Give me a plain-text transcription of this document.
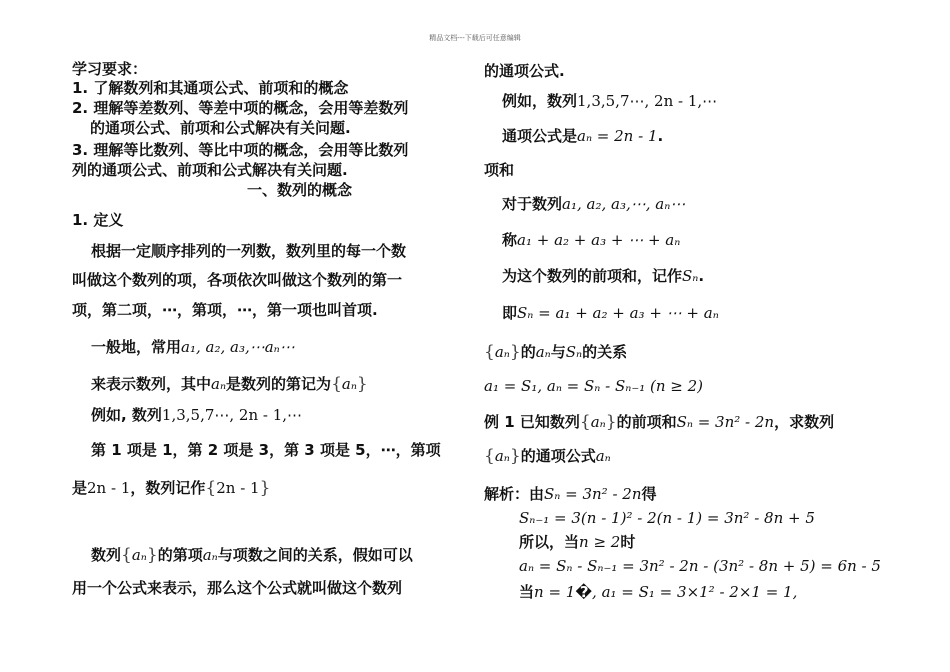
精品文档---下载后可任意编辑
学习要求：
1. 了解数列和其通项公式、前项和的概念
2. 理解等差数列、等差中项的概念，会用等差数列
的通项公式、前项和公式解决有关问题.
3. 理解等比数列、等比中项的概念，会用等比数列
列的通项公式、前项和公式解决有关问题.
一、数列的概念
1. 定义
根据一定顺序排列的一列数，数列里的每一个数
叫做这个数列的项，各项依次叫做这个数列的第一
项，第二项，⋯，第项，⋯，第一项也叫首项.
一般地，常用a₁, a₂, a₃,⋯aₙ⋯
来表示数列，其中aₙ是数列的第记为{aₙ}
例如, 数列1,3,5,7⋯, 2n - 1,⋯
第 1 项是 1，第 2 项是 3，第 3 项是 5，⋯，第项
是2n - 1，数列记作{2n - 1}
数列{aₙ}的第项aₙ与项数之间的关系，假如可以
用一个公式来表示，那么这个公式就叫做这个数列
的通项公式.
例如，数列1,3,5,7⋯, 2n - 1,⋯
通项公式是aₙ = 2n - 1.
项和
对于数列a₁, a₂, a₃,⋯, aₙ⋯
称a₁ + a₂ + a₃ + ⋯ + aₙ
为这个数列的前项和，记作Sₙ.
即Sₙ = a₁ + a₂ + a₃ + ⋯ + aₙ
{aₙ}的aₙ与Sₙ的关系
a₁ = S₁, aₙ = Sₙ - Sₙ₋₁ (n ≥ 2)
例 1 已知数列{aₙ}的前项和Sₙ = 3n² - 2n，求数列
{aₙ}的通项公式aₙ
解析：由Sₙ = 3n² - 2n得
Sₙ₋₁ = 3(n - 1)² - 2(n - 1) = 3n² - 8n + 5
所以，当n ≥ 2时
aₙ = Sₙ - Sₙ₋₁ = 3n² - 2n - (3n² - 8n + 5) = 6n - 5
当n = 1�, a₁ = S₁ = 3×1² - 2×1 = 1,
